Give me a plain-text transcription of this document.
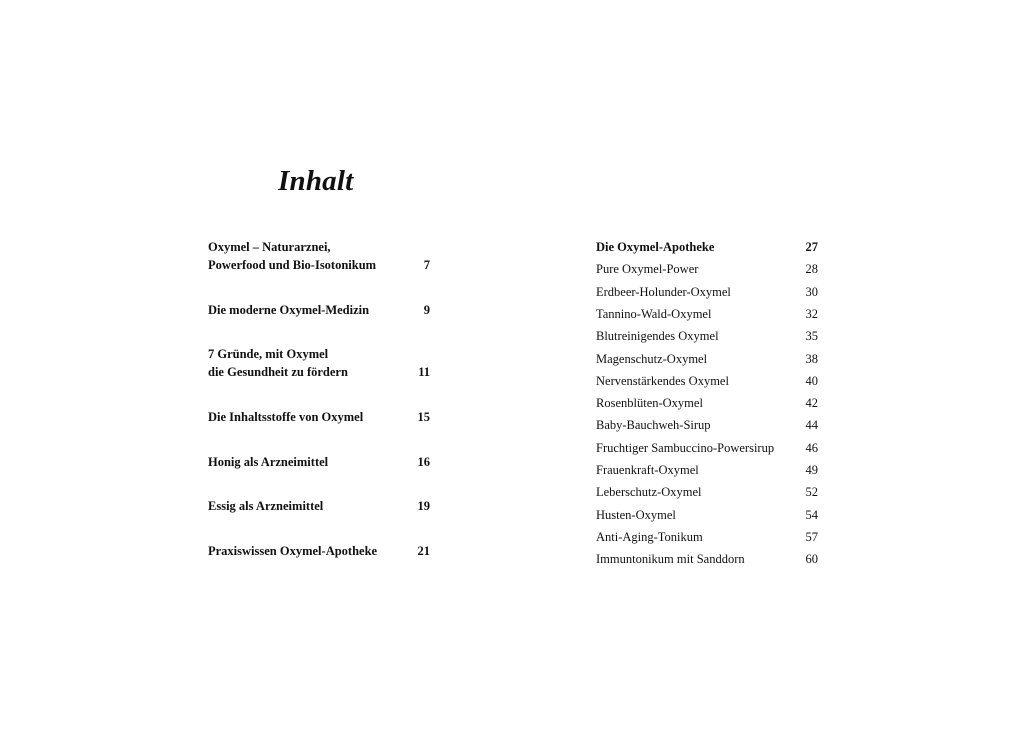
Inhalt
Oxymel – Naturarznei,
Powerfood und Bio-Isotonikum	7
Die moderne Oxymel-Medizin	9
7 Gründe, mit Oxymel
die Gesundheit zu fördern	11
Die Inhaltsstoffe von Oxymel	15
Honig als Arzneimittel	16
Essig als Arzneimittel	19
Praxiswissen Oxymel-Apotheke	21
Die Oxymel-Apotheke	27
Pure Oxymel-Power	28
Erdbeer-Holunder-Oxymel	30
Tannino-Wald-Oxymel	32
Blutreinigendes Oxymel	35
Magenschutz-Oxymel	38
Nervenstärkendes Oxymel	40
Rosenblüten-Oxymel	42
Baby-Bauchweh-Sirup	44
Fruchtiger Sambuccino-Powersirup	46
Frauenkraft-Oxymel	49
Leberschutz-Oxymel	52
Husten-Oxymel	54
Anti-Aging-Tonikum	57
Immuntonikum mit Sanddorn	60
